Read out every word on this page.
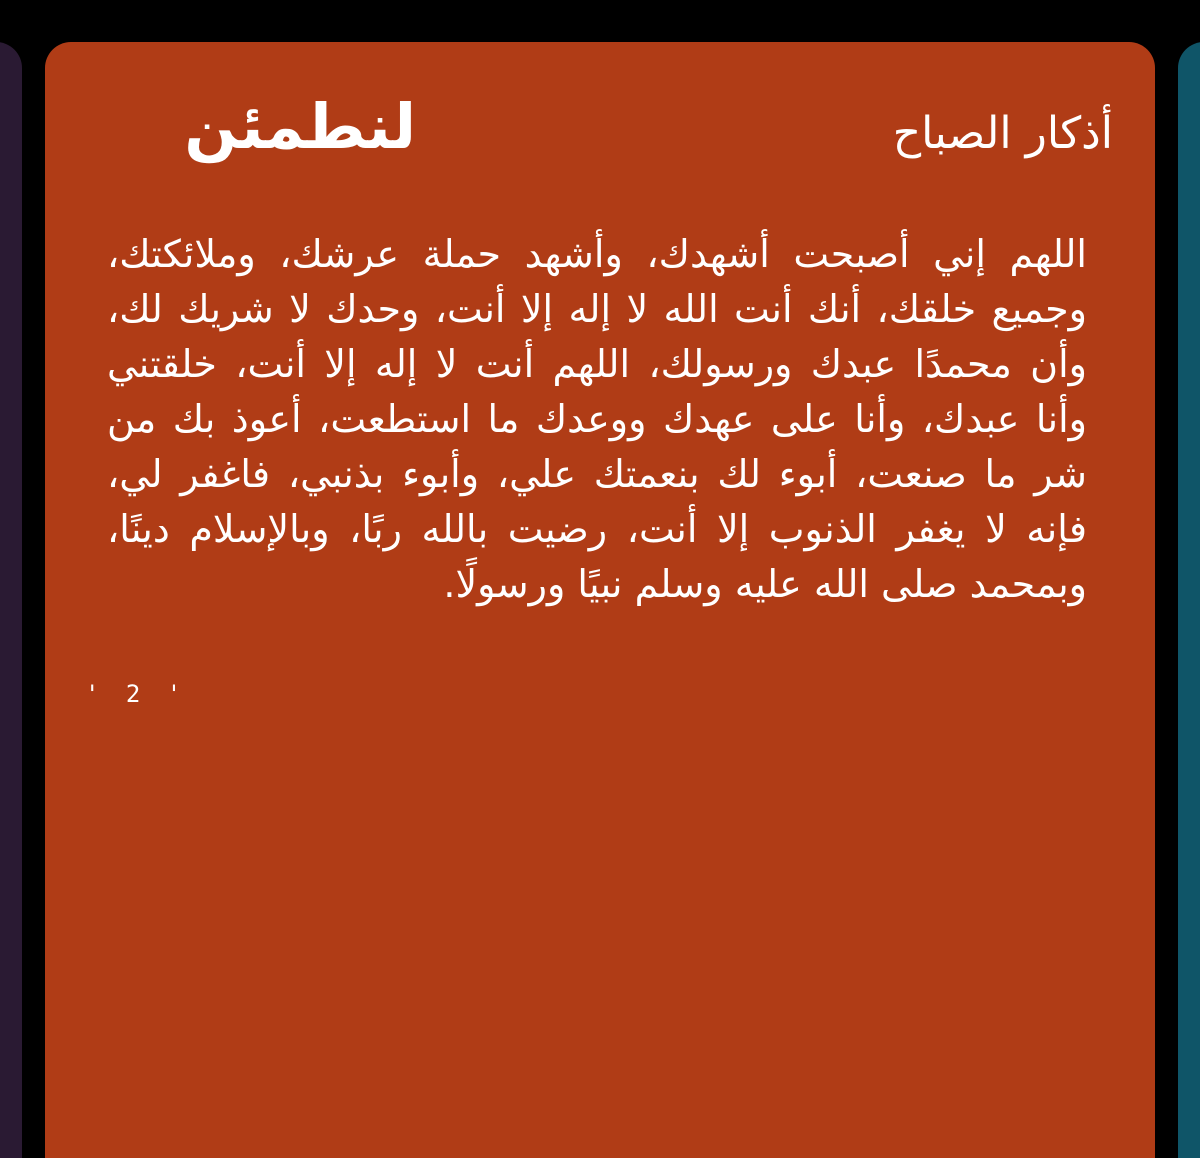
أذكار الصباح
لنطمئن
اللهم إني أصبحت أشهدك، وأشهد حملة عرشك، وملائكتك، وجميع خلقك، أنك أنت الله لا إله إلا أنت، وحدك لا شريك لك، وأن محمدًا عبدك ورسولك، اللهم أنت لا إله إلا أنت، خلقتني وأنا عبدك، وأنا على عهدك ووعدك ما استطعت، أعوذ بك من شر ما صنعت، أبوء لك بنعمتك علي، وأبوء بذنبي، فاغفر لي، فإنه لا يغفر الذنوب إلا أنت، رضيت بالله ربًا، وبالإسلام دينًا، وبمحمد صلى الله عليه وسلم نبيًا ورسولًا.
' 2 '
